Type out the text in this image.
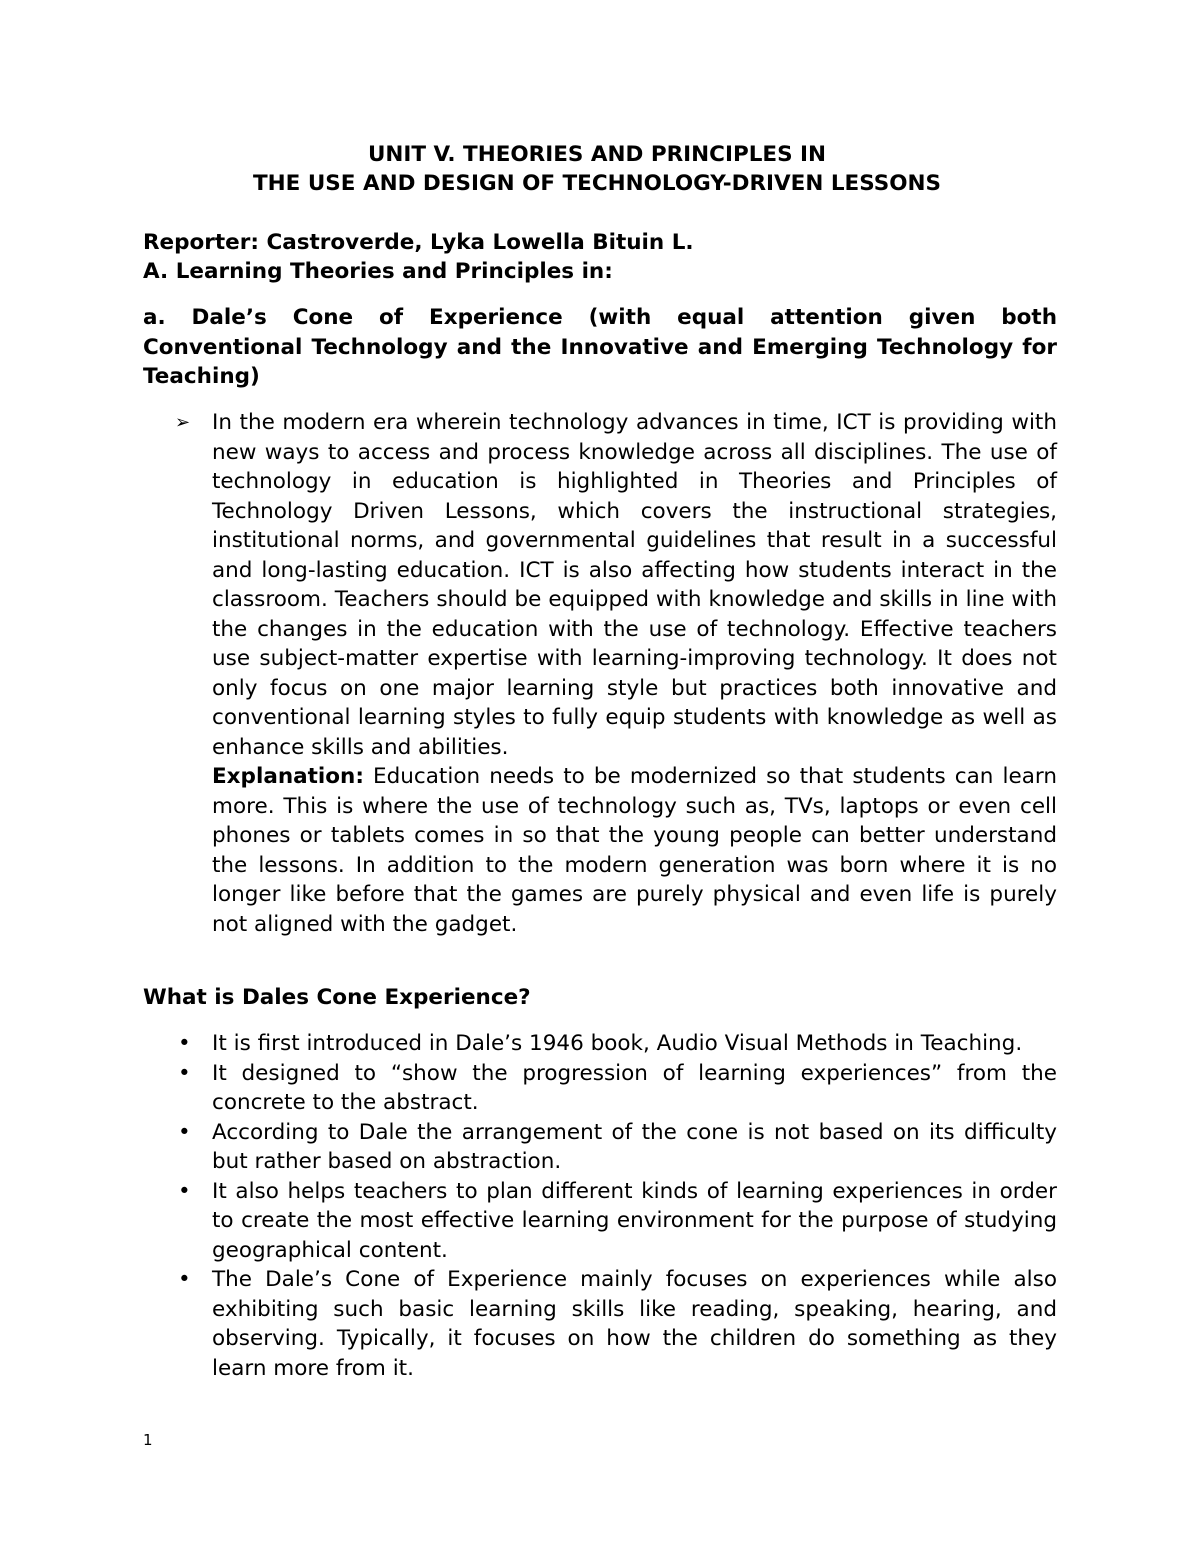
UNIT V. THEORIES AND PRINCIPLES IN
THE USE AND DESIGN OF TECHNOLOGY-DRIVEN LESSONS
Reporter: Castroverde, Lyka Lowella Bituin L.
A. Learning Theories and Principles in:
a. Dale’s Cone of Experience (with equal attention given both Conventional Technology and the Innovative and Emerging Technology for Teaching)
➢ In the modern era wherein technology advances in time, ICT is providing with new ways to access and process knowledge across all disciplines. The use of technology in education is highlighted in Theories and Principles of Technology Driven Lessons, which covers the instructional strategies, institutional norms, and governmental guidelines that result in a successful and long-lasting education. ICT is also affecting how students interact in the classroom. Teachers should be equipped with knowledge and skills in line with the changes in the education with the use of technology. Effective teachers use subject-matter expertise with learning-improving technology. It does not only focus on one major learning style but practices both innovative and conventional learning styles to fully equip students with knowledge as well as enhance skills and abilities.
Explanation: Education needs to be modernized so that students can learn more. This is where the use of technology such as, TVs, laptops or even cell phones or tablets comes in so that the young people can better understand the lessons. In addition to the modern generation was born where it is no longer like before that the games are purely physical and even life is purely not aligned with the gadget.
What is Dales Cone Experience?
• It is first introduced in Dale’s 1946 book, Audio Visual Methods in Teaching.
• It designed to “show the progression of learning experiences” from the concrete to the abstract.
• According to Dale the arrangement of the cone is not based on its difficulty but rather based on abstraction.
• It also helps teachers to plan different kinds of learning experiences in order to create the most effective learning environment for the purpose of studying geographical content.
• The Dale’s Cone of Experience mainly focuses on experiences while also exhibiting such basic learning skills like reading, speaking, hearing, and observing. Typically, it focuses on how the children do something as they learn more from it.
1
